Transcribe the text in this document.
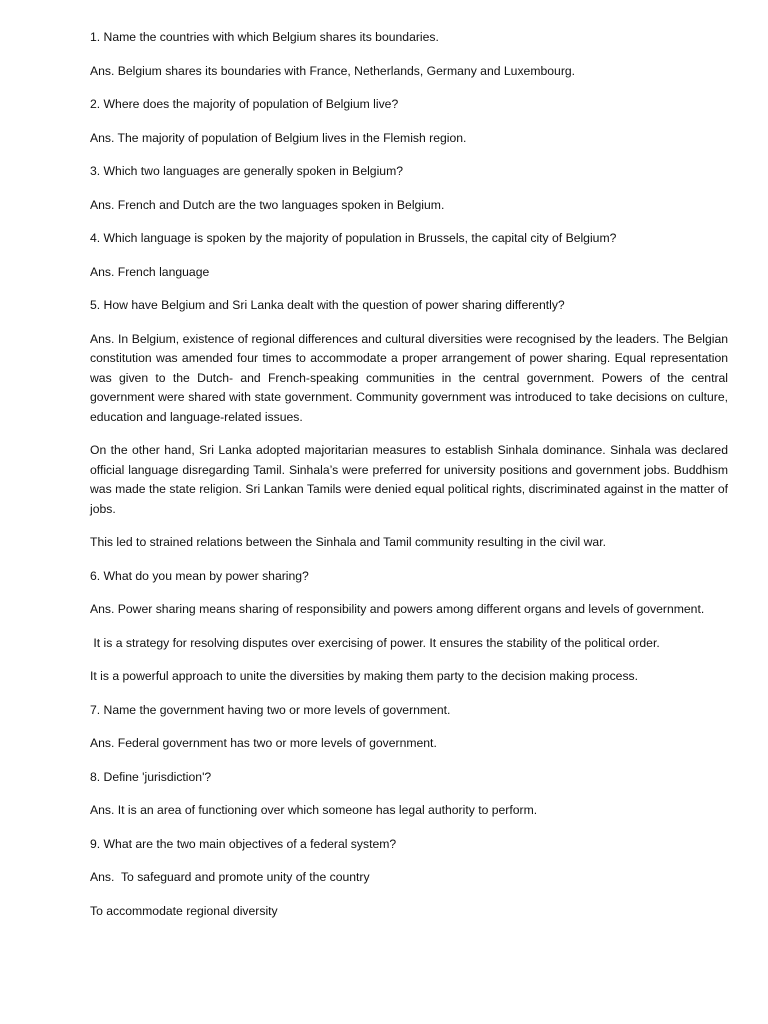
1. Name the countries with which Belgium shares its boundaries.

Ans. Belgium shares its boundaries with France, Netherlands, Germany and Luxembourg.

2. Where does the majority of population of Belgium live?

Ans. The majority of population of Belgium lives in the Flemish region.

3. Which two languages are generally spoken in Belgium?

Ans. French and Dutch are the two languages spoken in Belgium.

4. Which language is spoken by the majority of population in Brussels, the capital city of Belgium?

Ans. French language

5. How have Belgium and Sri Lanka dealt with the question of power sharing differently?

Ans. In Belgium, existence of regional differences and cultural diversities were recognised by the leaders. The Belgian constitution was amended four times to accommodate a proper arrangement of power sharing. Equal representation was given to the Dutch- and French-speaking communities in the central government. Powers of the central government were shared with state government. Community government was introduced to take decisions on culture, education and language-related issues.

On the other hand, Sri Lanka adopted majoritarian measures to establish Sinhala dominance. Sinhala was declared official language disregarding Tamil. Sinhala’s were preferred for university positions and government jobs. Buddhism was made the state religion. Sri Lankan Tamils were denied equal political rights, discriminated against in the matter of jobs.

This led to strained relations between the Sinhala and Tamil community resulting in the civil war.

6. What do you mean by power sharing?

Ans. Power sharing means sharing of responsibility and powers among different organs and levels of government.

It is a strategy for resolving disputes over exercising of power. It ensures the stability of the political order.

It is a powerful approach to unite the diversities by making them party to the decision making process.

7. Name the government having two or more levels of government.

Ans. Federal government has two or more levels of government.

8. Define 'jurisdiction'?

Ans. It is an area of functioning over which someone has legal authority to perform.

9. What are the two main objectives of a federal system?

Ans.  To safeguard and promote unity of the country

To accommodate regional diversity
